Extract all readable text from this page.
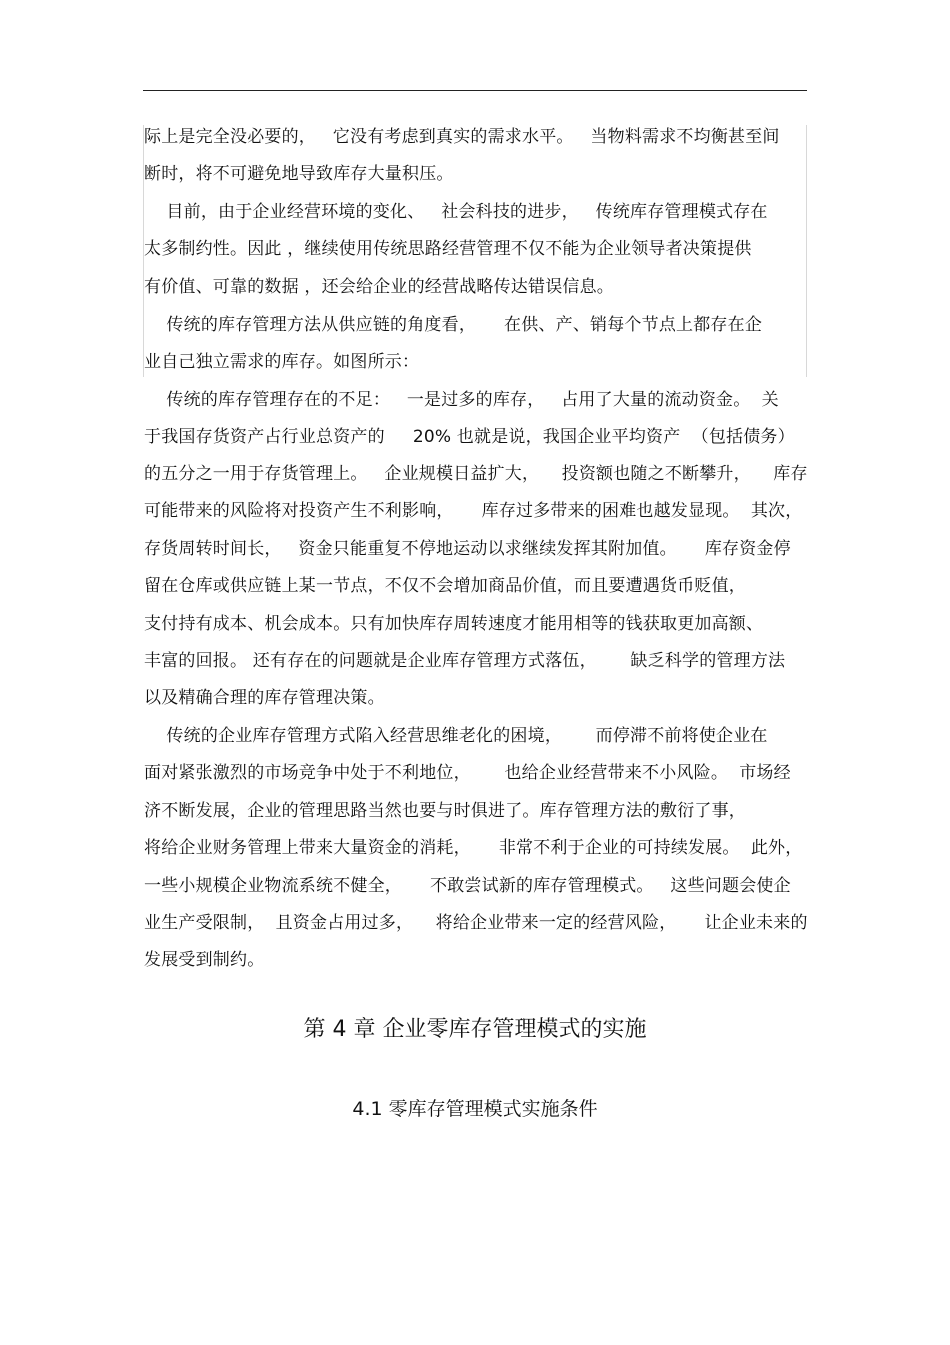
际上是完全没必要的，   它没有考虑到真实的需求水平。   当物料需求不均衡甚至间
断时，将不可避免地导致库存大量积压。
目前，由于企业经营环境的变化、   社会科技的进步，   传统库存管理模式存在
太多制约性。因此 ，继续使用传统思路经营管理不仅不能为企业领导者决策提供
有价值、可靠的数据 ，还会给企业的经营战略传达错误信息。
传统的库存管理方法从供应链的角度看，     在供、产、销每个节点上都存在企
业自己独立需求的库存。如图所示：
传统的库存管理存在的不足：   一是过多的库存，   占用了大量的流动资金。  关
于我国存货资产占行业总资产的     20% 也就是说，我国企业平均资产  （包括债务）
的五分之一用于存货管理上。   企业规模日益扩大，    投资额也随之不断攀升，    库存
可能带来的风险将对投资产生不利影响，     库存过多带来的困难也越发显现。  其次，
存货周转时间长，   资金只能重复不停地运动以求继续发挥其附加值。     库存资金停
留在仓库或供应链上某一节点，不仅不会增加商品价值，而且要遭遇货币贬值，
支付持有成本、机会成本。只有加快库存周转速度才能用相等的钱获取更加高额、
丰富的回报。 还有存在的问题就是企业库存管理方式落伍，      缺乏科学的管理方法
以及精确合理的库存管理决策。
传统的企业库存管理方式陷入经营思维老化的困境，      而停滞不前将使企业在
面对紧张激烈的市场竞争中处于不利地位，      也给企业经营带来不小风险。  市场经
济不断发展，企业的管理思路当然也要与时俱进了。库存管理方法的敷衍了事，
将给企业财务管理上带来大量资金的消耗，     非常不利于企业的可持续发展。  此外，
一些小规模企业物流系统不健全，     不敢尝试新的库存管理模式。   这些问题会使企
业生产受限制，  且资金占用过多，    将给企业带来一定的经营风险，     让企业未来的
发展受到制约。
第 4 章 企业零库存管理模式的实施
4.1 零库存管理模式实施条件
